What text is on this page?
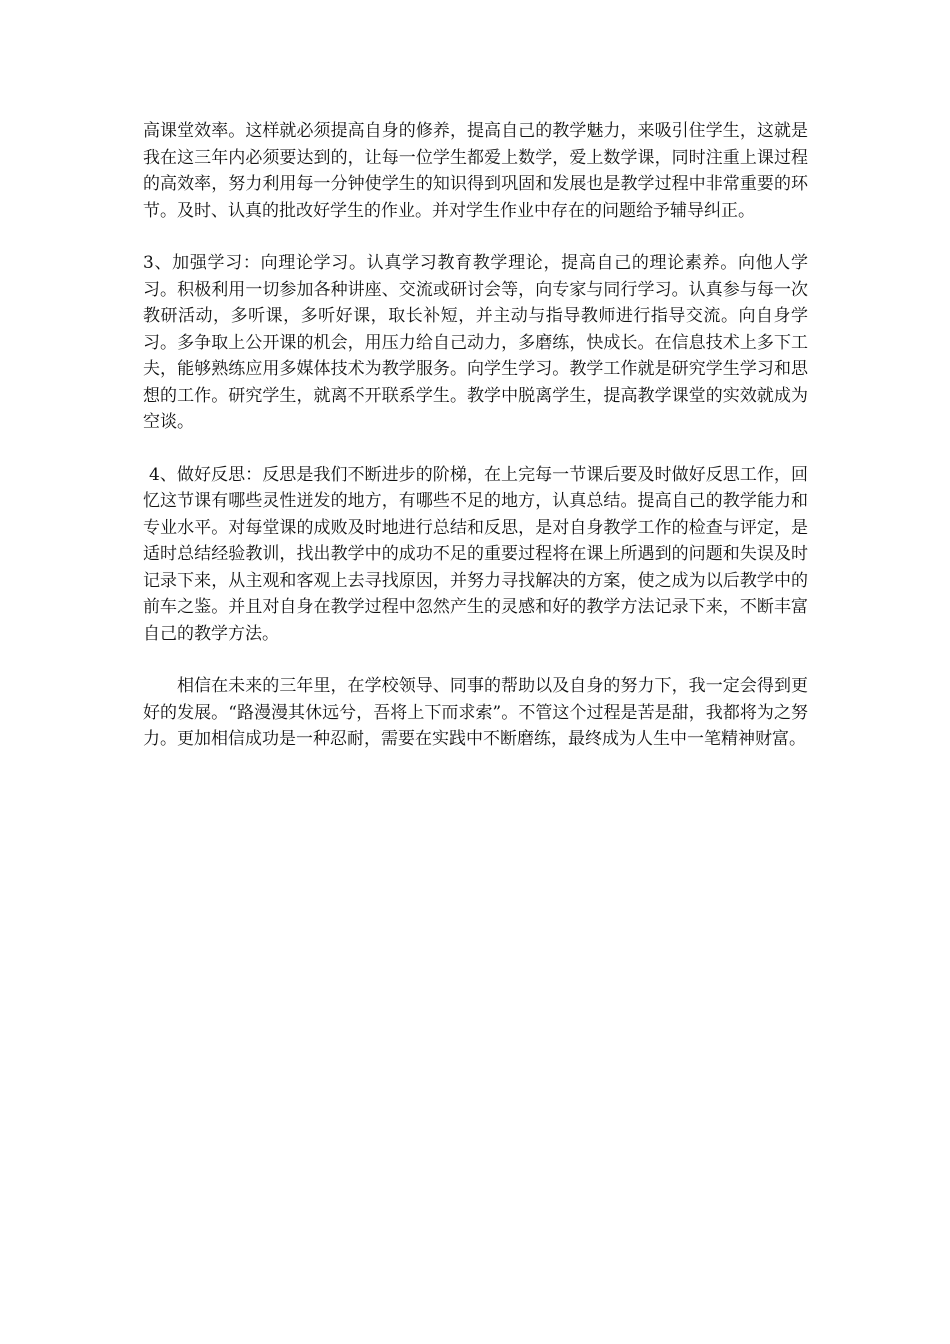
高课堂效率。这样就必须提高自身的修养，提高自己的教学魅力，来吸引住学生，这就是我在这三年内必须要达到的，让每一位学生都爱上数学，爱上数学课，同时注重上课过程的高效率，努力利用每一分钟使学生的知识得到巩固和发展也是教学过程中非常重要的环节。及时、认真的批改好学生的作业。并对学生作业中存在的问题给予辅导纠正。

3、加强学习：向理论学习。认真学习教育教学理论，提高自己的理论素养。向他人学习。积极利用一切参加各种讲座、交流或研讨会等，向专家与同行学习。认真参与每一次教研活动，多听课，多听好课，取长补短，并主动与指导教师进行指导交流。向自身学习。多争取上公开课的机会，用压力给自己动力，多磨练，快成长。在信息技术上多下工夫，能够熟练应用多媒体技术为教学服务。向学生学习。教学工作就是研究学生学习和思想的工作。研究学生，就离不开联系学生。教学中脱离学生，提高教学课堂的实效就成为空谈。

4、做好反思：反思是我们不断进步的阶梯，在上完每一节课后要及时做好反思工作，回忆这节课有哪些灵性迸发的地方，有哪些不足的地方，认真总结。提高自己的教学能力和专业水平。对每堂课的成败及时地进行总结和反思，是对自身教学工作的检查与评定，是适时总结经验教训，找出教学中的成功不足的重要过程将在课上所遇到的问题和失误及时记录下来，从主观和客观上去寻找原因，并努力寻找解决的方案，使之成为以后教学中的前车之鉴。并且对自身在教学过程中忽然产生的灵感和好的教学方法记录下来，不断丰富自己的教学方法。

相信在未来的三年里，在学校领导、同事的帮助以及自身的努力下，我一定会得到更好的发展。“路漫漫其休远兮，吾将上下而求索”。不管这个过程是苦是甜，我都将为之努力。更加相信成功是一种忍耐，需要在实践中不断磨练，最终成为人生中一笔精神财富。
